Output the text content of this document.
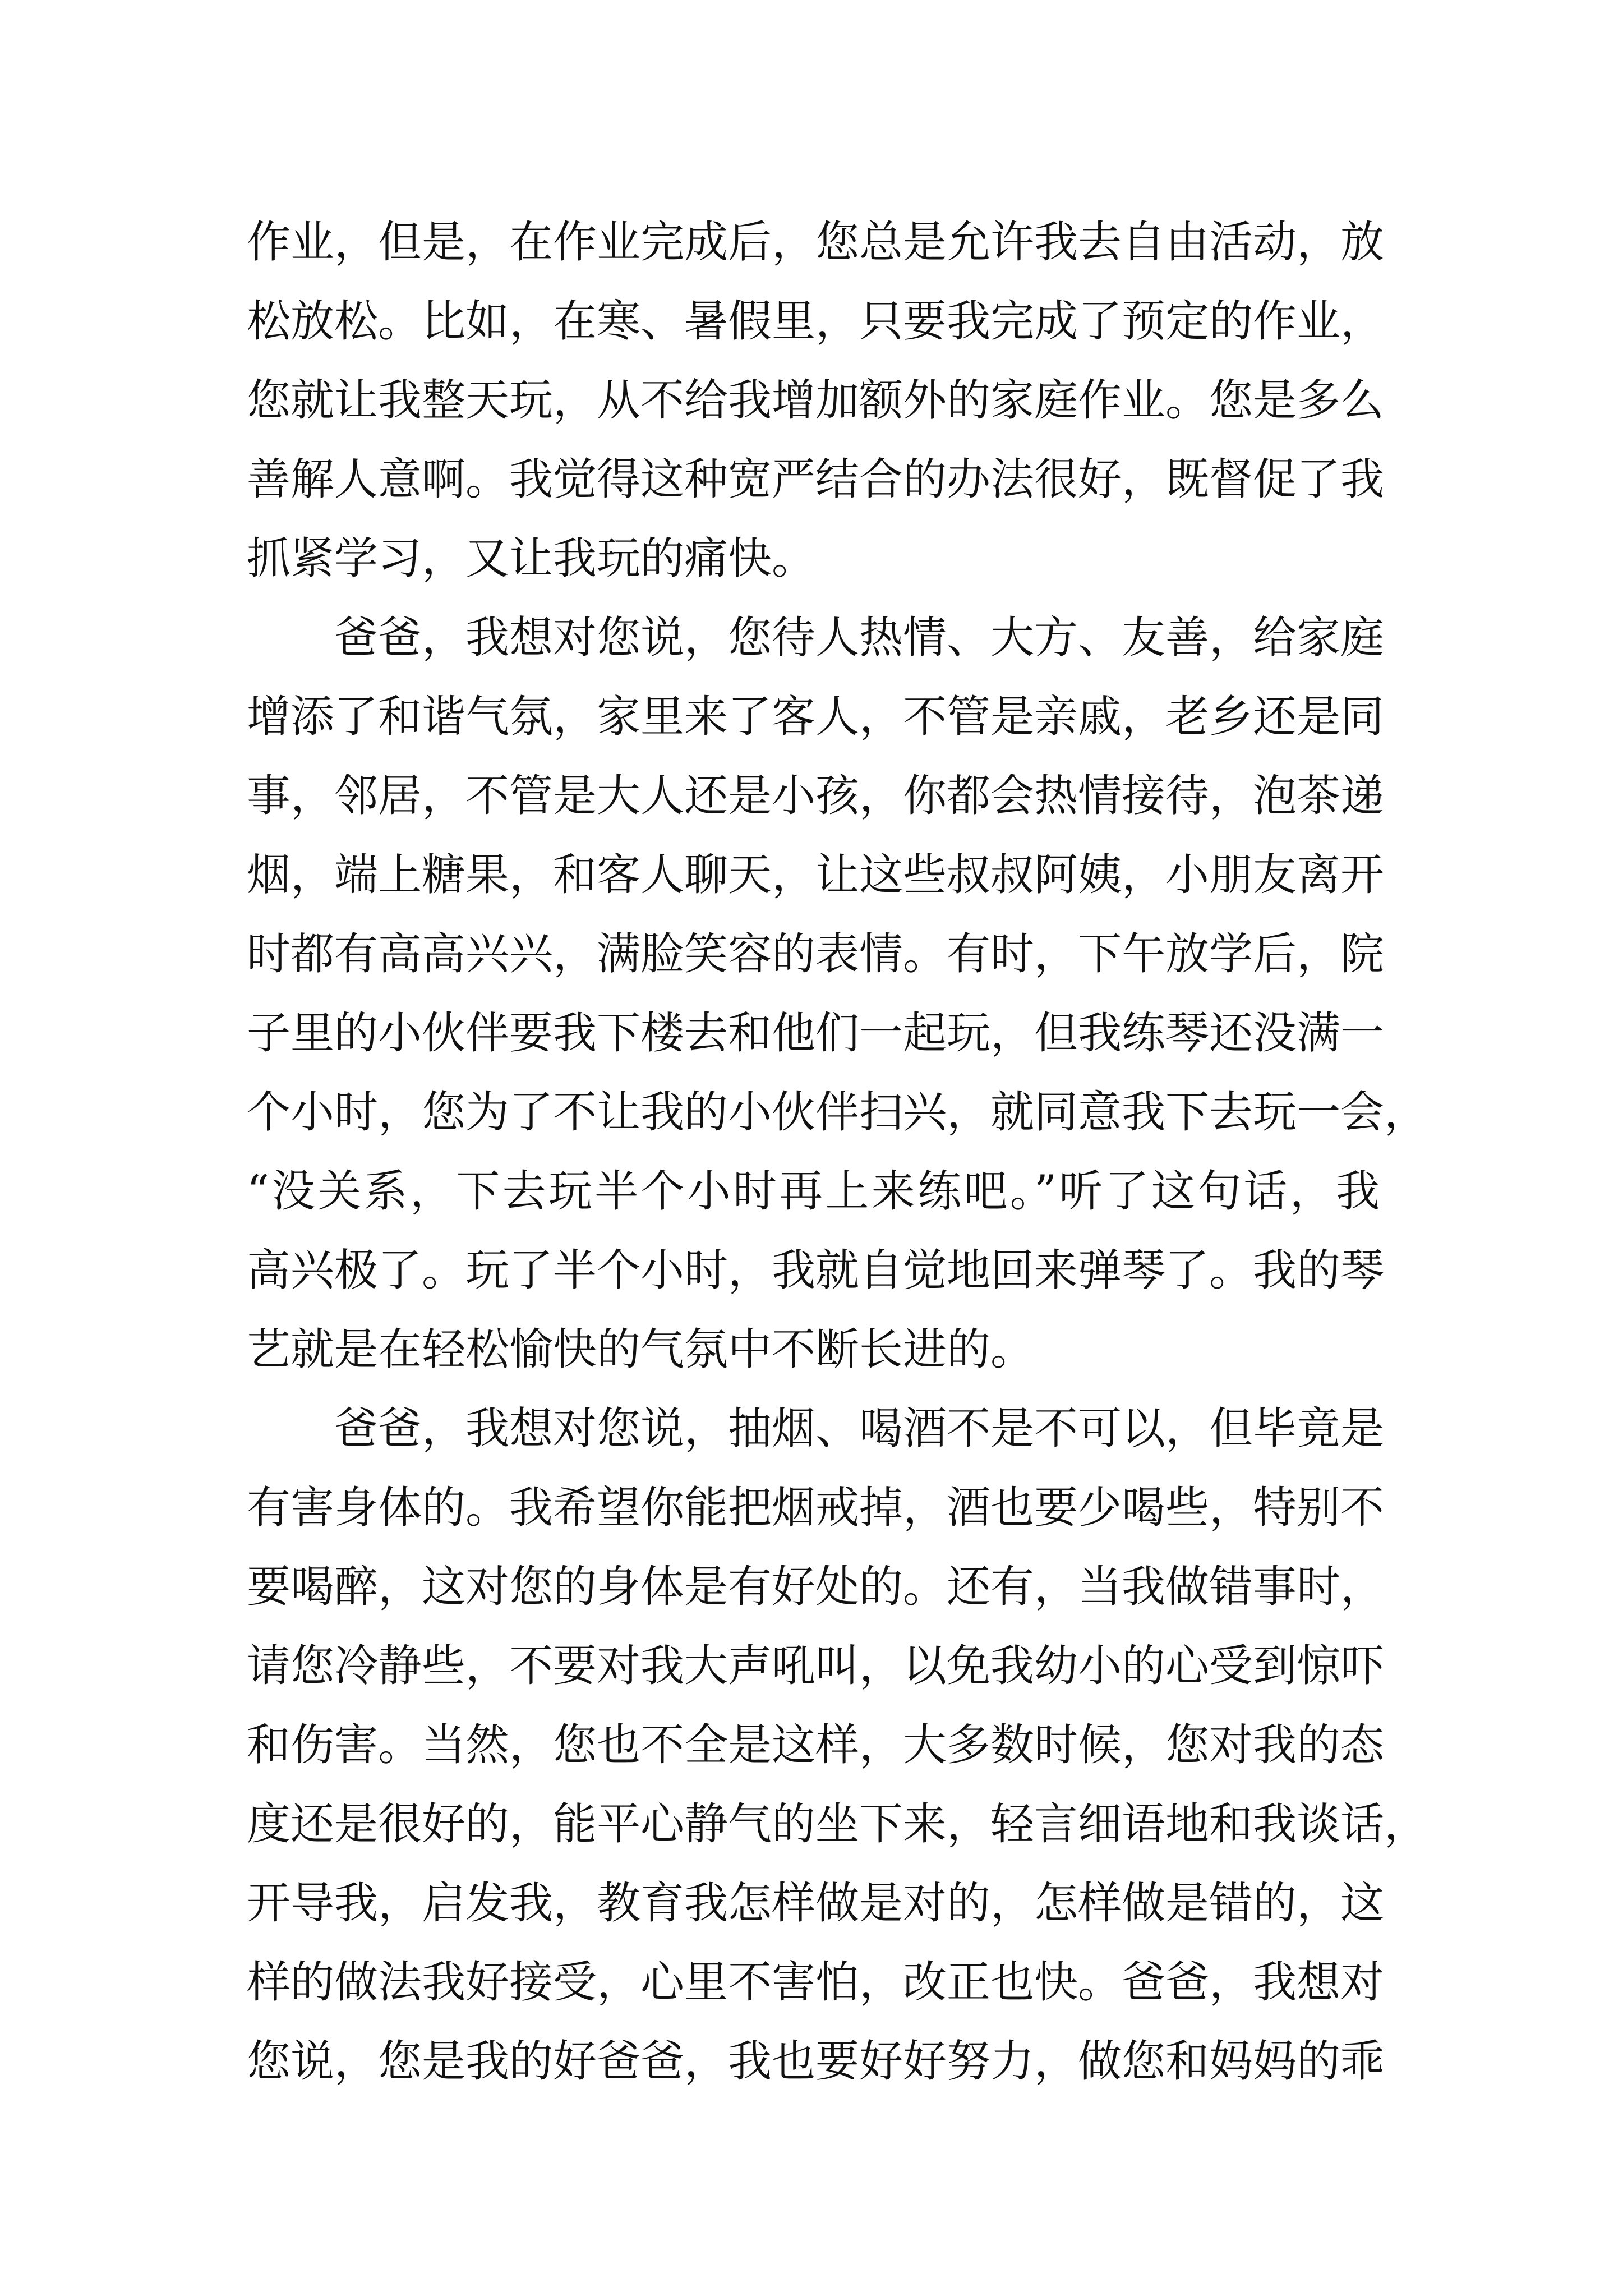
作业，但是，在作业完成后，您总是允许我去自由活动，放
松放松。比如，在寒、暑假里，只要我完成了预定的作业，
您就让我整天玩，从不给我增加额外的家庭作业。您是多么
善解人意啊。我觉得这种宽严结合的办法很好，既督促了我
抓紧学习，又让我玩的痛快。
爸爸，我想对您说，您待人热情、大方、友善，给家庭
增添了和谐气氛，家里来了客人，不管是亲戚，老乡还是同
事，邻居，不管是大人还是小孩，你都会热情接待，泡茶递
烟，端上糖果，和客人聊天，让这些叔叔阿姨，小朋友离开
时都有高高兴兴，满脸笑容的表情。有时，下午放学后，院
子里的小伙伴要我下楼去和他们一起玩，但我练琴还没满一
个小时，您为了不让我的小伙伴扫兴，就同意我下去玩一会，
“没关系，下去玩半个小时再上来练吧。”听了这句话，我
高兴极了。玩了半个小时，我就自觉地回来弹琴了。我的琴
艺就是在轻松愉快的气氛中不断长进的。
爸爸，我想对您说，抽烟、喝酒不是不可以，但毕竟是
有害身体的。我希望你能把烟戒掉，酒也要少喝些，特别不
要喝醉，这对您的身体是有好处的。还有，当我做错事时，
请您冷静些，不要对我大声吼叫，以免我幼小的心受到惊吓
和伤害。当然，您也不全是这样，大多数时候，您对我的态
度还是很好的，能平心静气的坐下来，轻言细语地和我谈话，
开导我，启发我，教育我怎样做是对的，怎样做是错的，这
样的做法我好接受，心里不害怕，改正也快。爸爸，我想对
您说，您是我的好爸爸，我也要好好努力，做您和妈妈的乖
